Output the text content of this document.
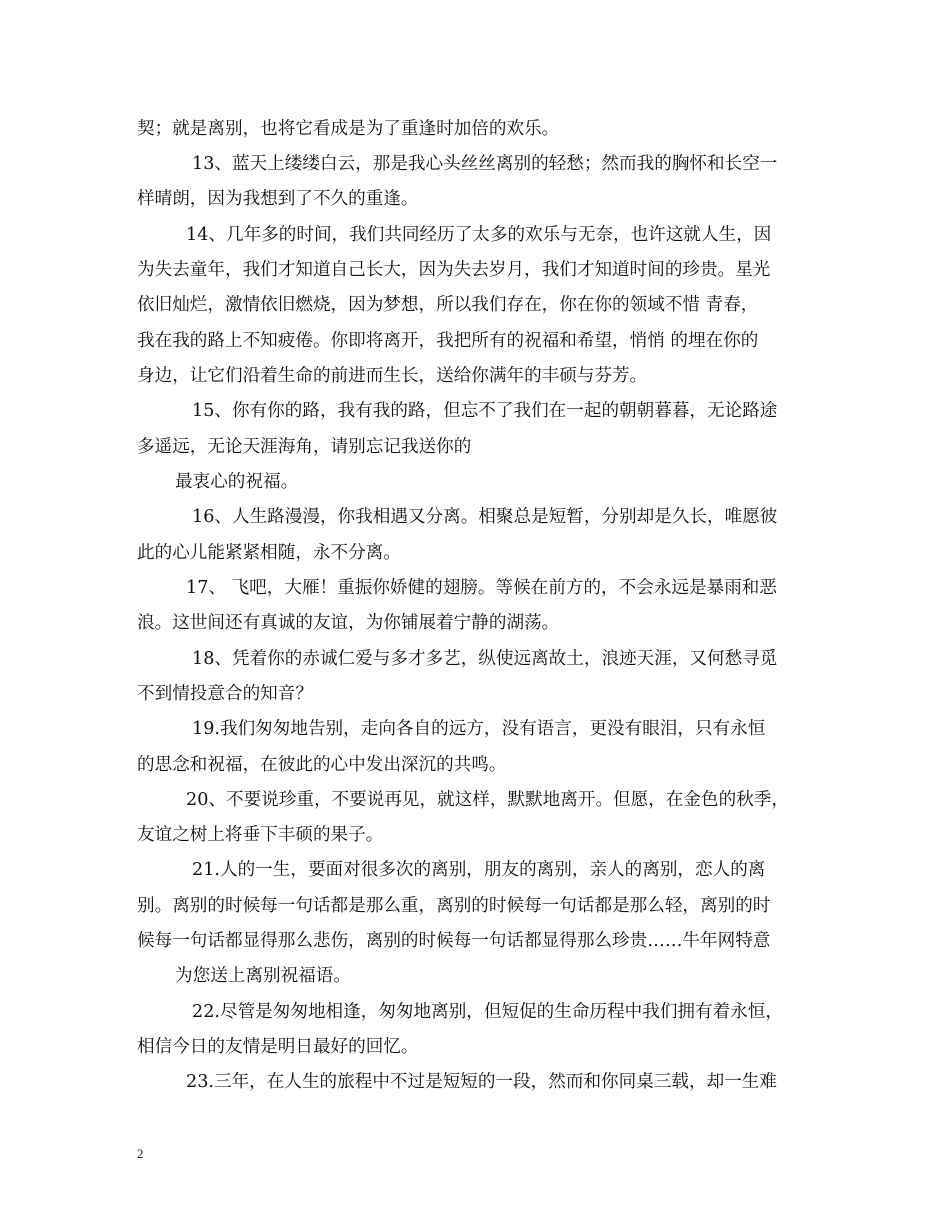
契；就是离别，也将它看成是为了重逢时加倍的欢乐。
13、蓝天上缕缕白云，那是我心头丝丝离别的轻愁；然而我的胸怀和长空一
样晴朗，因为我想到了不久的重逢。
14、几年多的时间，我们共同经历了太多的欢乐与无奈，也许这就人生，因
为失去童年，我们才知道自己长大，因为失去岁月，我们才知道时间的珍贵。星光
依旧灿烂，激情依旧燃烧，因为梦想，所以我们存在，你在你的领域不惜 青春，
我在我的路上不知疲倦。你即将离开，我把所有的祝福和希望，悄悄 的埋在你的
身边，让它们沿着生命的前进而生长，送给你满年的丰硕与芬芳。
15、你有你的路，我有我的路，但忘不了我们在一起的朝朝暮暮，无论路途
多遥远，无论天涯海角，请别忘记我送你的
最衷心的祝福。
16、人生路漫漫，你我相遇又分离。相聚总是短暂，分别却是久长，唯愿彼
此的心儿能紧紧相随，永不分离。
17、 飞吧，大雁！重振你娇健的翅膀。等候在前方的，不会永远是暴雨和恶
浪。这世间还有真诚的友谊，为你铺展着宁静的湖荡。
18、凭着你的赤诚仁爱与多才多艺，纵使远离故土，浪迹天涯，又何愁寻觅
不到情投意合的知音？
19.我们匆匆地告别，走向各自的远方，没有语言，更没有眼泪，只有永恒
的思念和祝福，在彼此的心中发出深沉的共鸣。
20、不要说珍重，不要说再见，就这样，默默地离开。但愿，在金色的秋季，
友谊之树上将垂下丰硕的果子。
21.人的一生，要面对很多次的离别，朋友的离别，亲人的离别，恋人的离
别。离别的时候每一句话都是那么重，离别的时候每一句话都是那么轻，离别的时
候每一句话都显得那么悲伤，离别的时候每一句话都显得那么珍贵……牛年网特意
为您送上离别祝福语。
22.尽管是匆匆地相逢，匆匆地离别，但短促的生命历程中我们拥有着永恒，
相信今日的友情是明日最好的回忆。
23.三年，在人生的旅程中不过是短短的一段，然而和你同桌三载，却一生难
2
